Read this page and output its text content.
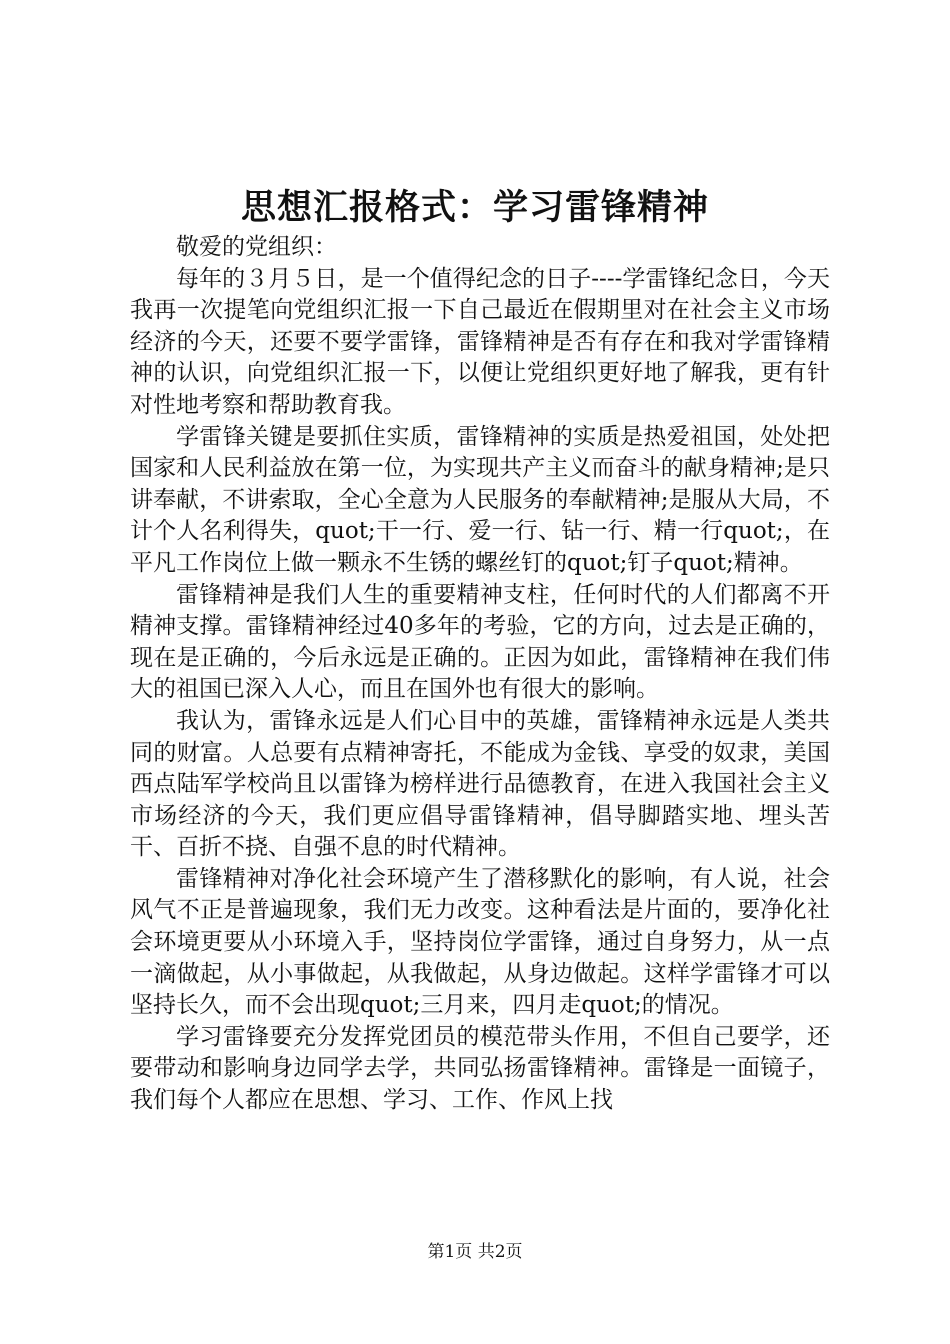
思想汇报格式：学习雷锋精神

敬爱的党组织：

每年的３月５日，是一个值得纪念的日子----学雷锋纪念日，今天我再一次提笔向党组织汇报一下自己最近在假期里对在社会主义市场经济的今天，还要不要学雷锋，雷锋精神是否有存在和我对学雷锋精神的认识，向党组织汇报一下，以便让党组织更好地了解我，更有针对性地考察和帮助教育我。

学雷锋关键是要抓住实质，雷锋精神的实质是热爱祖国，处处把国家和人民利益放在第一位，为实现共产主义而奋斗的献身精神;是只讲奉献，不讲索取，全心全意为人民服务的奉献精神;是服从大局，不计个人名利得失，quot;干一行、爱一行、钻一行、精一行quot;，在平凡工作岗位上做一颗永不生锈的螺丝钉的quot;钉子quot;精神。

雷锋精神是我们人生的重要精神支柱，任何时代的人们都离不开精神支撑。雷锋精神经过40多年的考验，它的方向，过去是正确的，现在是正确的，今后永远是正确的。正因为如此，雷锋精神在我们伟大的祖国已深入人心，而且在国外也有很大的影响。

我认为，雷锋永远是人们心目中的英雄，雷锋精神永远是人类共同的财富。人总要有点精神寄托，不能成为金钱、享受的奴隶，美国西点陆军学校尚且以雷锋为榜样进行品德教育，在进入我国社会主义市场经济的今天，我们更应倡导雷锋精神，倡导脚踏实地、埋头苦干、百折不挠、自强不息的时代精神。

雷锋精神对净化社会环境产生了潜移默化的影响，有人说，社会风气不正是普遍现象，我们无力改变。这种看法是片面的，要净化社会环境更要从小环境入手，坚持岗位学雷锋，通过自身努力，从一点一滴做起，从小事做起，从我做起，从身边做起。这样学雷锋才可以坚持长久，而不会出现quot;三月来，四月走quot;的情况。

学习雷锋要充分发挥党团员的模范带头作用，不但自己要学，还要带动和影响身边同学去学，共同弘扬雷锋精神。雷锋是一面镜子，我们每个人都应在思想、学习、工作、作风上找

第1页 共2页
